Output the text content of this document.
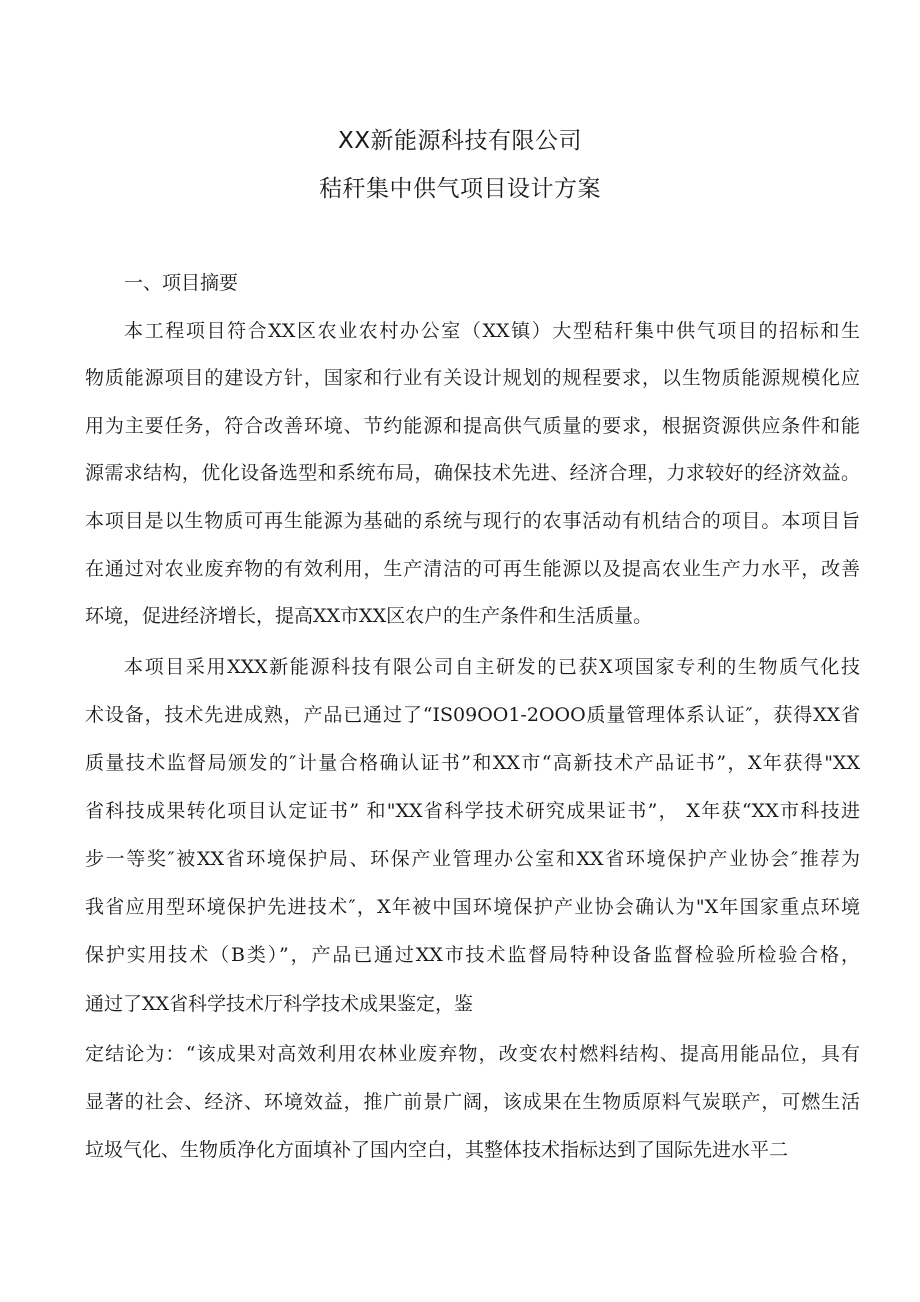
XX新能源科技有限公司
秸秆集中供气项目设计方案
一、项目摘要
本工程项目符合XX区农业农村办公室（XX镇）大型秸秆集中供气项目的招标和生
物质能源项目的建设方针，国家和行业有关设计规划的规程要求，以生物质能源规模化应
用为主要任务，符合改善环境、节约能源和提高供气质量的要求，根据资源供应条件和能
源需求结构，优化设备选型和系统布局，确保技术先进、经济合理，力求较好的经济效益。
本项目是以生物质可再生能源为基础的系统与现行的农事活动有机结合的项目。本项目旨
在通过对农业废弃物的有效利用，生产清洁的可再生能源以及提高农业生产力水平，改善
环境，促进经济增长，提高XX市XX区农户的生产条件和生活质量。
本项目采用XXX新能源科技有限公司自主研发的已获X项国家专利的生物质气化技
术设备，技术先进成熟，产品已通过了“IS09OO1-2OOO质量管理体系认证″，获得XX省
质量技术监督局颁发的″计量合格确认证书”和XX市“高新技术产品证书”，X年获得"XX
省科技成果转化项目认定证书” 和"XX省科学技术研究成果证书”， X年获“XX市科技进
步一等奖″被XX省环境保护局、环保产业管理办公室和XX省环境保护产业协会″推荐为
我省应用型环境保护先进技术″，X年被中国环境保护产业协会确认为"X年国家重点环境
保护实用技术（B类）”，产品已通过XX市技术监督局特种设备监督检验所检验合格，
通过了XX省科学技术厅科学技术成果鉴定，鉴
定结论为：“该成果对高效利用农林业废弃物，改变农村燃料结构、提高用能品位，具有
显著的社会、经济、环境效益，推广前景广阔，该成果在生物质原料气炭联产，可燃生活
垃圾气化、生物质净化方面填补了国内空白，其整体技术指标达到了国际先进水平二
